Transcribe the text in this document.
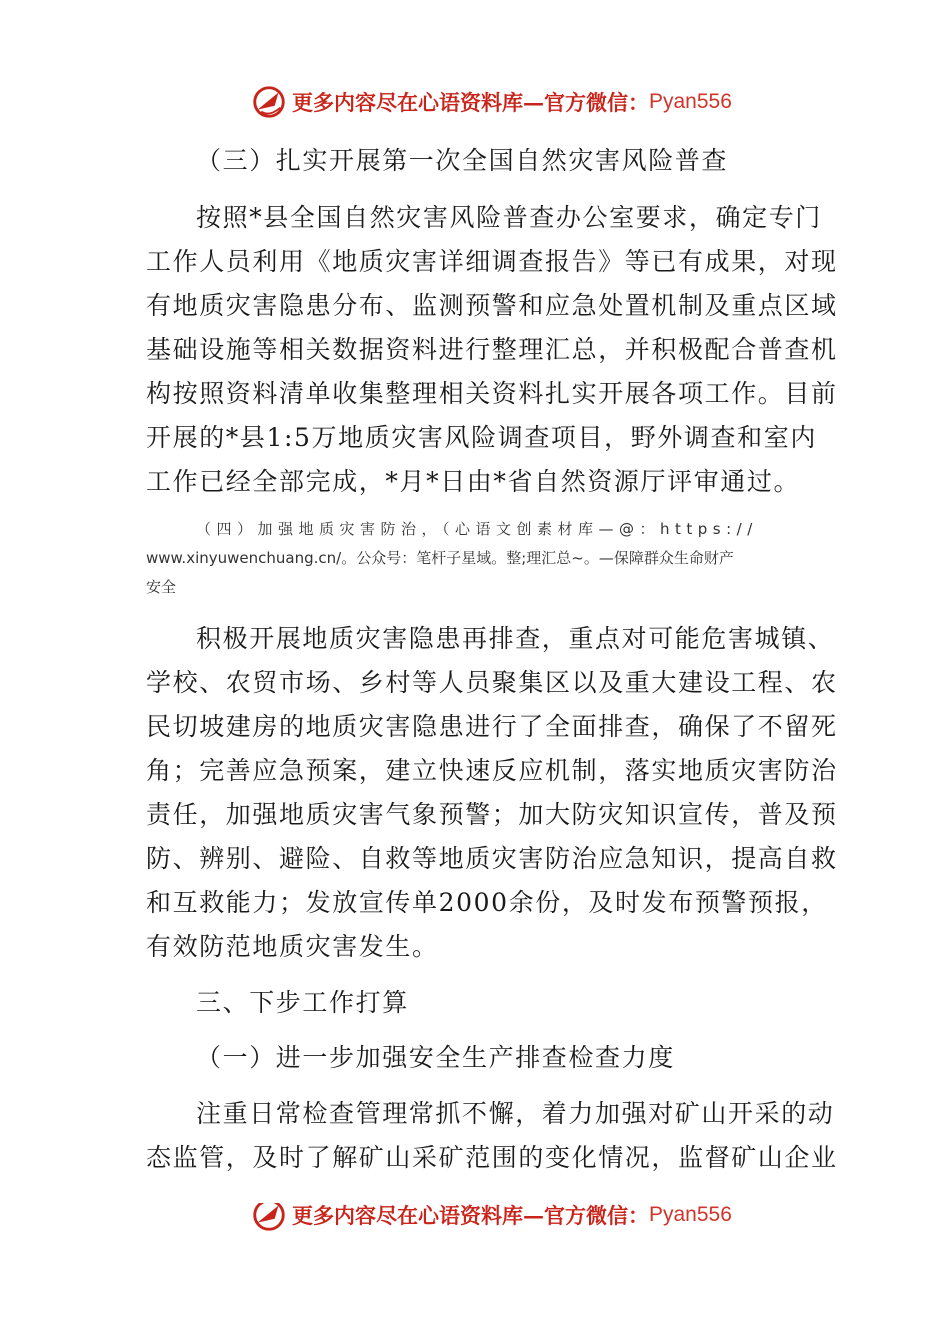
更多内容尽在心语资料库—官方微信： Pyan556
（三）扎实开展第一次全国自然灾害风险普查
按照*县全国自然灾害风险普查办公室要求，确定专门
工作人员利用《地质灾害详细调查报告》等已有成果，对现
有地质灾害隐患分布、监测预警和应急处置机制及重点区域
基础设施等相关数据资料进行整理汇总，并积极配合普查机
构按照资料清单收集整理相关资料扎实开展各项工作。目前
开展的*县1:5万地质灾害风险调查项目，野外调查和室内
工作已经全部完成，*月*日由*省自然资源厅评审通过。
（四）加强地质灾害防治，（心语文创素材库—@：https://
www.xinyuwenchuang.cn/。公众号：笔杆子星域。整;理汇总~。—保障群众生命财产
安全
积极开展地质灾害隐患再排查，重点对可能危害城镇、
学校、农贸市场、乡村等人员聚集区以及重大建设工程、农
民切坡建房的地质灾害隐患进行了全面排查，确保了不留死
角；完善应急预案，建立快速反应机制，落实地质灾害防治
责任，加强地质灾害气象预警；加大防灾知识宣传，普及预
防、辨别、避险、自救等地质灾害防治应急知识，提高自救
和互救能力；发放宣传单2000余份，及时发布预警预报，
有效防范地质灾害发生。
三、下步工作打算
（一）进一步加强安全生产排查检查力度
注重日常检查管理常抓不懈，着力加强对矿山开采的动
态监管，及时了解矿山采矿范围的变化情况，监督矿山企业
更多内容尽在心语资料库—官方微信： Pyan556
